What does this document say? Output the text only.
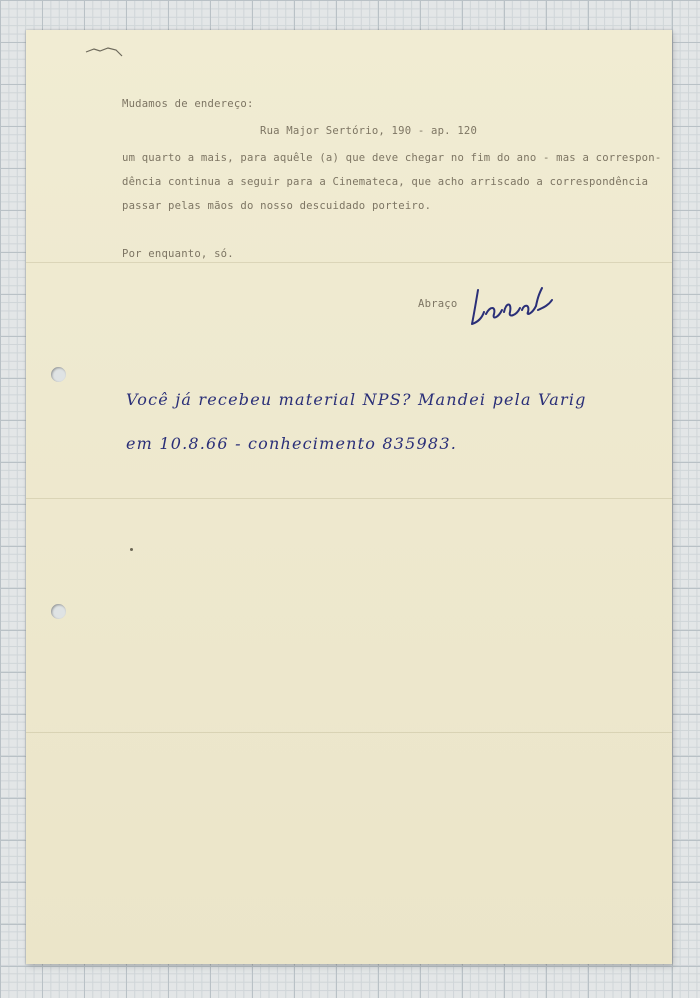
Mudamos de endereço:
Rua Major Sertório, 190 - ap. 120
um quarto a mais, para aquêle (a) que deve chegar no fim do ano - mas a correspon-
dência continua a seguir para a Cinemateca, que acho arriscado a correspondência
passar pelas mãos do nosso descuidado porteiro.
Por enquanto, só.
Abraço
Você já recebeu material NPS? Mandei pela Varig
em 10.8.66 - conhecimento 835983.
